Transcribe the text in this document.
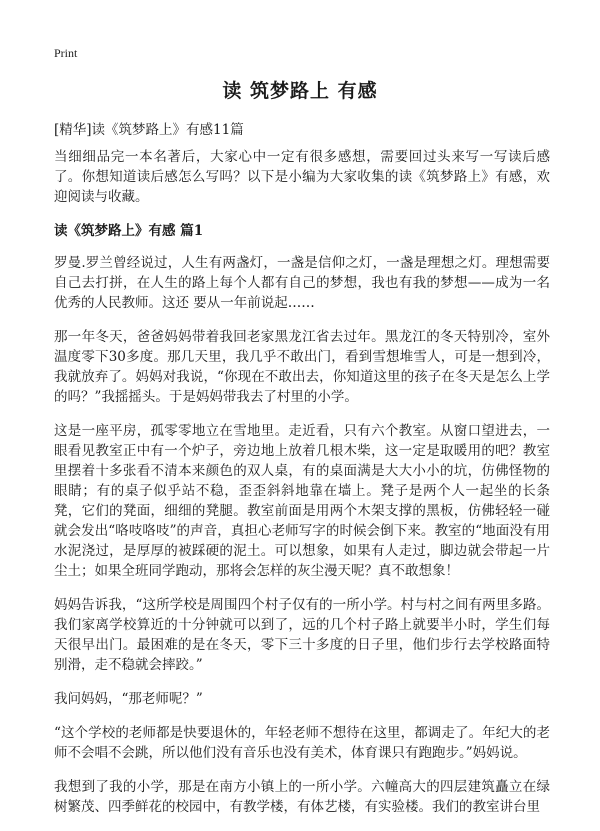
Print
读 筑梦路上 有感
[精华]读《筑梦路上》有感11篇

当细细品完一本名著后，大家心中一定有很多感想，需要回过头来写一写读后感了。你想知道读后感怎么写吗？以下是小编为大家收集的读《筑梦路上》有感，欢迎阅读与收藏。

读《筑梦路上》有感 篇1

罗曼.罗兰曾经说过，人生有两盏灯，一盏是信仰之灯，一盏是理想之灯。理想需要自己去打拼，在人生的路上每个人都有自己的梦想，我也有我的梦想——成为一名优秀的人民教师。这还 要从一年前说起……

那一年冬天，爸爸妈妈带着我回老家黑龙江省去过年。黑龙江的冬天特别冷，室外温度零下30多度。那几天里，我几乎不敢出门，看到雪想堆雪人，可是一想到冷，我就放弃了。妈妈对我说，“你现在不敢出去，你知道这里的孩子在冬天是怎么上学的吗？”我摇摇头。于是妈妈带我去了村里的小学。

这是一座平房，孤零零地立在雪地里。走近看，只有六个教室。从窗口望进去，一眼看见教室正中有一个炉子，旁边地上放着几根木柴，这一定是取暖用的吧？教室里摆着十多张看不清本来颜色的双人桌，有的桌面满是大大小小的坑，仿佛怪物的眼睛；有的桌子似乎站不稳，歪歪斜斜地靠在墙上。凳子是两个人一起坐的长条凳，它们的凳面，细细的凳腿。教室前面是用两个木架支撑的黑板，仿佛轻轻一碰就会发出“咯吱咯吱”的声音，真担心老师写字的时候会倒下来。教室的“地面没有用水泥浇过，是厚厚的被踩硬的泥土。可以想象，如果有人走过，脚边就会带起一片尘土；如果全班同学跑动，那将会怎样的灰尘漫天呢？真不敢想象！

妈妈告诉我，“这所学校是周围四个村子仅有的一所小学。村与村之间有两里多路。我们家离学校算近的十分钟就可以到了，远的几个村子路上就要半小时，学生们每天很早出门。最困难的是在冬天，零下三十多度的日子里，他们步行去学校路面特别滑，走不稳就会摔跤。”

我问妈妈，“那老师呢？”

“这个学校的老师都是快要退休的，年轻老师不想待在这里，都调走了。年纪大的老师不会唱不会跳，所以他们没有音乐也没有美术，体育课只有跑跑步。”妈妈说。

我想到了我的小学，那是在南方小镇上的一所小学。六幢高大的四层建筑矗立在绿树繁茂、四季鲜花的校园中，有教学楼，有体艺楼，有实验楼。我们的教室讲台里
